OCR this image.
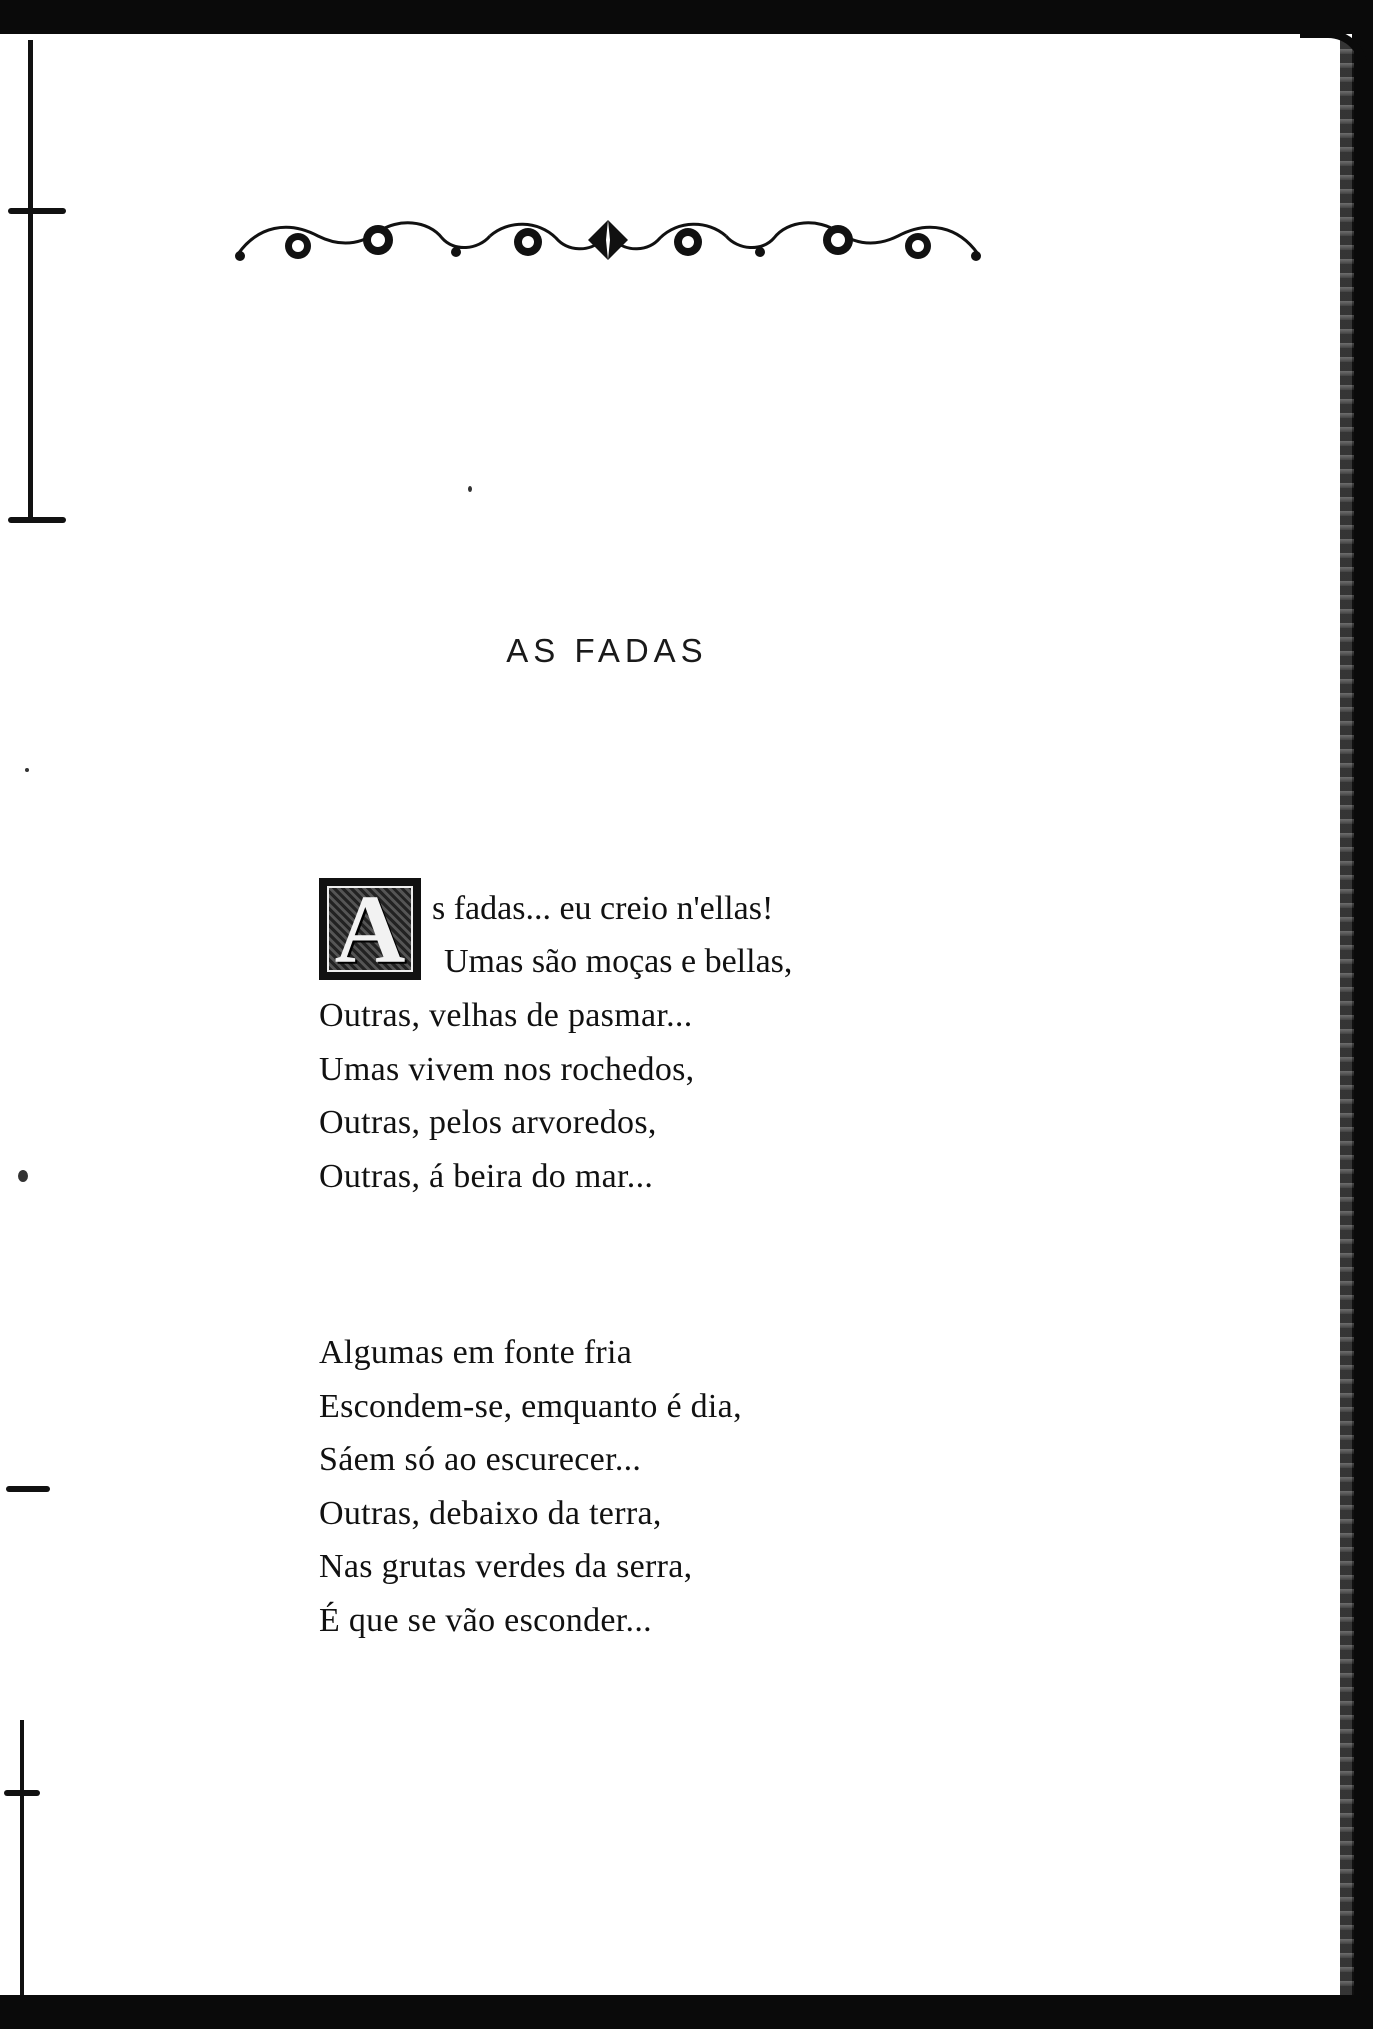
AS FADAS
A s fadas... eu creio n'ellas!
Umas são moças e bellas,
Outras, velhas de pasmar...
Umas vivem nos rochedos,
Outras, pelos arvoredos,
Outras, á beira do mar...
Algumas em fonte fria
Escondem-se, emquanto é dia,
Sáem só ao escurecer...
Outras, debaixo da terra,
Nas grutas verdes da serra,
É que se vão esconder...
